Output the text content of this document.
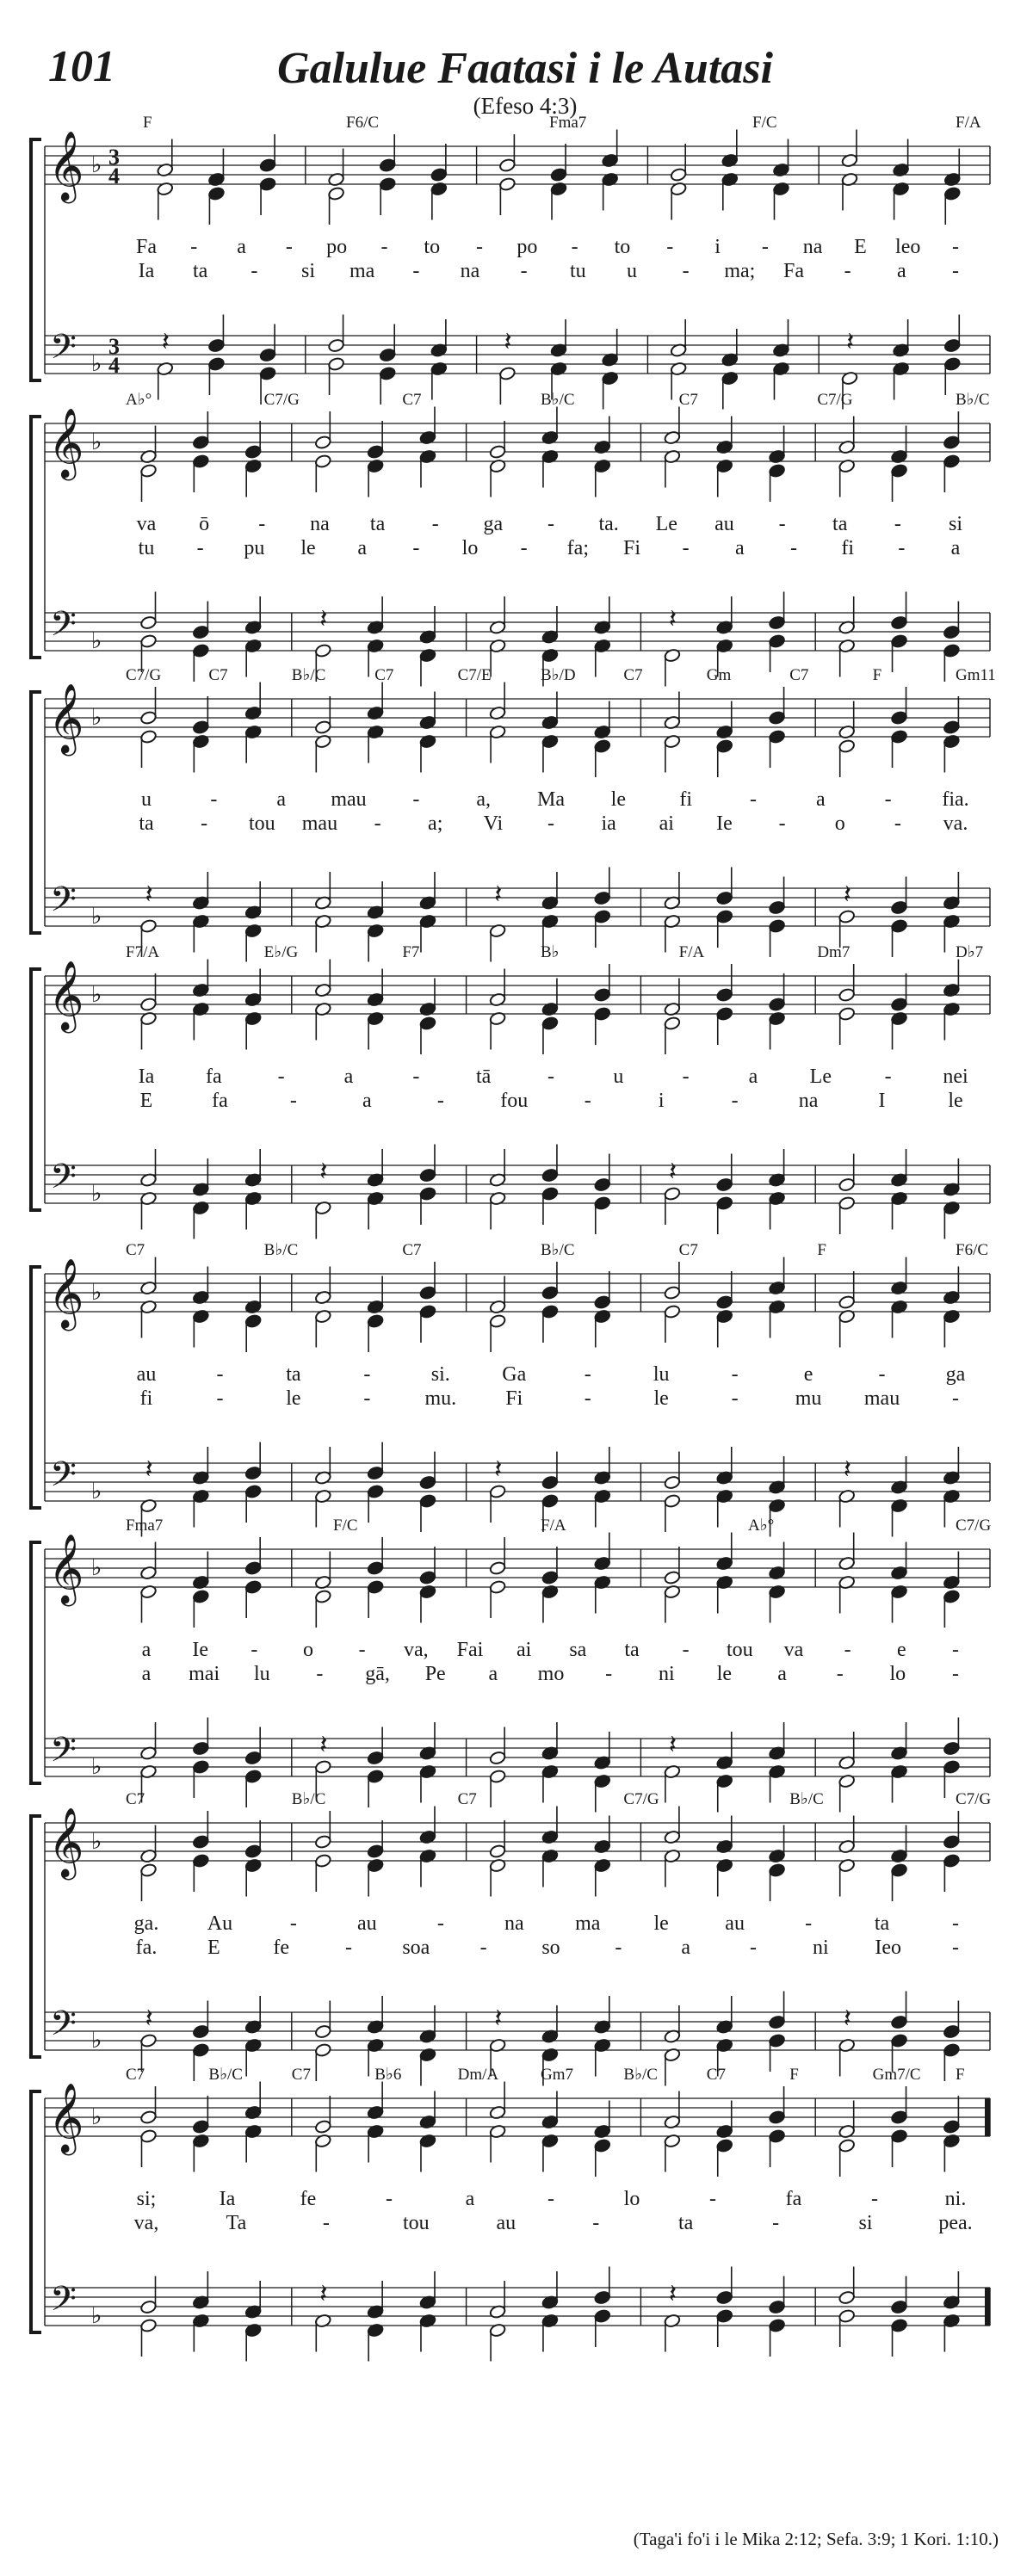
101	Galulue Faatasi i le Autasi
(Efeso 4:3)
𝄞
𝄢
♭
♭
3
4
3
4
𝄽	𝄽	𝄽
F	F6/C	Fma7	F/C	F/A
Fa - a - po - to - po - to - i - na E leo -
Ia ta - si ma - na - tu u - ma; Fa - a -
𝄞
𝄢
♭
♭
𝄽	𝄽
A♭°	C7/G	C7	B♭/C	C7	C7/G	B♭/C
va ō - na ta - ga - ta. Le au - ta - si
tu - pu le a - lo - fa; Fi - a - fi - a
𝄞
𝄢
♭
♭
𝄽	𝄽	𝄽
C7/G	C7	B♭/C	C7	C7/E	B♭/D	C7	Gm	C7	F	Gm11
u	-	a mau -	a, Ma le	fi	-	a	- fia.
ta - tou mau - a; Vi - ia ai Ie - o - va.
𝄞
𝄢
♭
♭
𝄽	𝄽
F7/A	E♭/G	F7	B♭	F/A	Dm7	D♭7
Ia fa	-	a	-	tā	-	u	-	a	Le	- nei
E	fa	-	a	-	fou	-	i	-	na	I	le
𝄞
𝄢
♭
♭
𝄽	𝄽	𝄽
C7	B♭/C	C7	B♭/C	C7	F	F6/C
au	-	ta	-	si.	Ga	-	lu	-	e	-	ga
fi	-	le	-	mu. Fi	-	le	-	mu mau	-
𝄞
𝄢
♭
♭
𝄽	𝄽
Fma7	F/C	F/A	A♭°	C7/G
a Ie - o - va, Fai ai sa ta - tou va - e -
a mai lu - gā, Pe a mo - ni le a - lo -
𝄞
𝄢
♭
♭
𝄽	𝄽	𝄽
C7	B♭/C	C7	C7/G	B♭/C	C7/G
ga. Au	-	au	-	na ma	le	au	-	ta	-
fa. E	fe	- soa -	so	-	a	-	ni Ieo -
𝄞
𝄢
♭
♭
𝄽	𝄽
C7	B♭/C	C7	B♭6	Dm/A	Gm7	B♭/C	C7	F	Gm7/C F
si;	Ia	fe	-	a	-	lo	-	fa	-	ni.
va,	Ta	-	tou	au	-	ta	-	si	pea.
(Taga'i fo'i i le Mika 2:12; Sefa. 3:9; 1 Kori. 1:10.)
